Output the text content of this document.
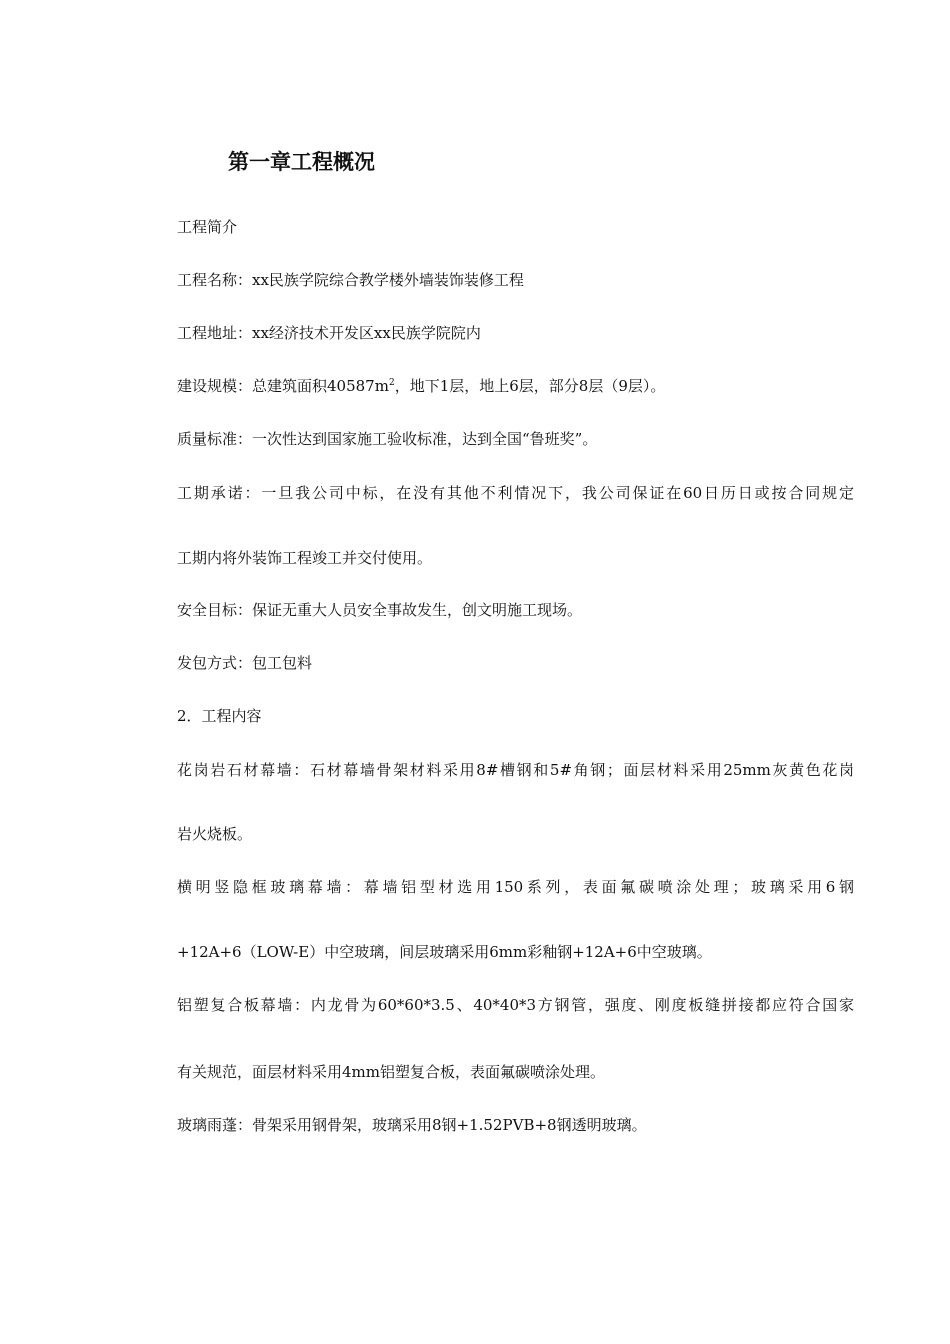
第一章工程概况
工程简介
工程名称：xx民族学院综合教学楼外墙装饰装修工程
工程地址：xx经济技术开发区xx民族学院院内
建设规模：总建筑面积$40587m^2$，地下1层，地上6层，部分8层（9层）。
质量标准：一次性达到国家施工验收标准，达到全国“鲁班奖”。
工期承诺：一旦我公司中标，在没有其他不利情况下，我公司保证在60日历日或按合同规定
工期内将外装饰工程竣工并交付使用。
安全目标：保证无重大人员安全事故发生，创文明施工现场。
发包方式：包工包料
2．工程内容
花岗岩石材幕墙：石材幕墙骨架材料采用8#槽钢和5#角钢；面层材料采用25mm灰黄色花岗
岩火烧板。
横明竖隐框玻璃幕墙：幕墙铝型材选用150系列，表面氟碳喷涂处理；玻璃采用6钢
+12A+6（LOW-E）中空玻璃，间层玻璃采用6mm彩釉钢+12A+6中空玻璃。
铝塑复合板幕墙：内龙骨为60*60*3.5、40*40*3方钢管，强度、刚度板缝拼接都应符合国家
有关规范，面层材料采用4mm铝塑复合板，表面氟碳喷涂处理。
玻璃雨蓬：骨架采用钢骨架，玻璃采用8钢+1.52PVB+8钢透明玻璃。
